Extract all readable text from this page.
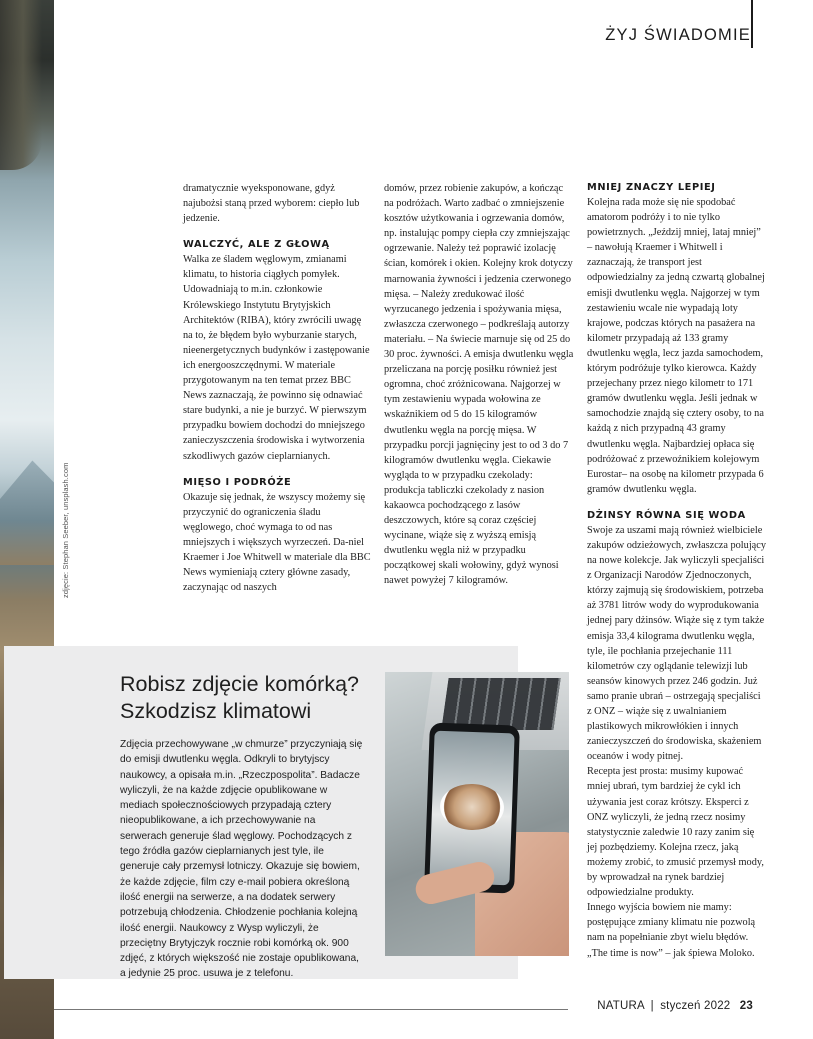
zdjęcie: Stephan Seeber, unsplash.com
ŻYJ ŚWIADOMIE

dramatycznie wyeksponowane, gdyż najubożsi staną przed wyborem: ciepło lub jedzenie.

WALCZYĆ, ALE Z GŁOWĄ

Walka ze śladem węglowym, zmianami klimatu, to historia ciągłych pomyłek. Udowadniają to m.in. członkowie Królewskiego Instytutu Brytyjskich Architektów (RIBA), który zwrócili uwagę na to, że błędem było wyburzanie starych, nieenergetycznych budynków i zastępowanie ich energooszczędnymi. W materiale przygotowanym na ten temat przez BBC News zaznaczają, że powinno się odnawiać stare budynki, a nie je burzyć. W pierwszym przypadku bowiem dochodzi do mniejszego zanieczyszczenia środowiska i wytworzenia szkodliwych gazów cieplarnianych.

MIĘSO I PODRÓŻE

Okazuje się jednak, że wszyscy możemy się przyczynić do ograniczenia śladu węglowego, choć wymaga to od nas mniejszych i większych wyrzeczeń. Da-niel Kraemer i Joe Whitwell w materiale dla BBC News wymieniają cztery główne zasady, zaczynając od naszych

domów, przez robienie zakupów, a kończąc na podróżach. Warto zadbać o zmniejszenie kosztów użytkowania i ogrzewania domów, np. instalując pompy ciepła czy zmniejszając ogrzewanie. Należy też poprawić izolację ścian, komórek i okien. Kolejny krok dotyczy marnowania żywności i jedzenia czerwonego mięsa. – Należy zredukować ilość wyrzucanego jedzenia i spożywania mięsa, zwłaszcza czerwonego – podkreślają autorzy materiału. – Na świecie marnuje się od 25 do 30 proc. żywności. A emisja dwutlenku węgla przeliczana na porcję posiłku również jest ogromna, choć zróżnicowana. Najgorzej w tym zestawieniu wypada wołowina ze wskaźnikiem od 5 do 15 kilogramów dwutlenku węgla na porcję mięsa. W przypadku porcji jagnięciny jest to od 3 do 7 kilogramów dwutlenku węgla. Ciekawie wygląda to w przypadku czekolady: produkcja tabliczki czekolady z nasion kakaowca pochodzącego z lasów deszczowych, które są coraz częściej wycinane, wiąże się z wyższą emisją dwutlenku węgla niż w przypadku początkowej skali wołowiny, gdyż wynosi nawet powyżej 7 kilogramów.

MNIEJ ZNACZY LEPIEJ

Kolejna rada może się nie spodobać amatorom podróży i to nie tylko powietrznych. „Jeździj mniej, lataj mniej” – nawołują Kraemer i Whitwell i zaznaczają, że transport jest odpowiedzialny za jedną czwartą globalnej emisji dwutlenku węgla. Najgorzej w tym zestawieniu wcale nie wypadają loty krajowe, podczas których na pasażera na kilometr przypadają aż 133 gramy dwutlenku węgla, lecz jazda samochodem, którym podróżuje tylko kierowca. Każdy przejechany przez niego kilometr to 171 gramów dwutlenku węgla. Jeśli jednak w samochodzie znajdą się cztery osoby, to na każdą z nich przypadną 43 gramy dwutlenku węgla. Najbardziej opłaca się podróżować z przewoźnikiem kolejowym Eurostar– na osobę na kilometr przypada 6 gramów dwutlenku węgla.

DŻINSY RÓWNA SIĘ WODA

Swoje za uszami mają również wielbiciele zakupów odzieżowych, zwłaszcza polujący na nowe kolekcje. Jak wyliczyli specjaliści z Organizacji Narodów Zjednoczonych, którzy zajmują się środowiskiem, potrzeba aż 3781 litrów wody do wyprodukowania jednej pary dżinsów. Wiąże się z tym także emisja 33,4 kilograma dwutlenku węgla, tyle, ile pochłania przejechanie 111 kilometrów czy oglądanie telewizji lub seansów kinowych przez 246 godzin. Już samo pranie ubrań – ostrzegają specjaliści z ONZ – wiąże się z uwalnianiem plastikowych mikrowłókien i innych zanieczyszczeń do środowiska, skażeniem oceanów i wody pitnej.

Recepta jest prosta: musimy kupować mniej ubrań, tym bardziej że cykl ich używania jest coraz krótszy. Eksperci z ONZ wyliczyli, że jedną rzecz nosimy statystycznie zaledwie 10 razy zanim się jej pozbędziemy. Kolejna rzecz, jaką możemy zrobić, to zmusić przemysł mody, by wprowadzał na rynek bardziej odpowiedzialne produkty.

Innego wyjścia bowiem nie mamy: postępujące zmiany klimatu nie pozwolą nam na popełnianie zbyt wielu błędów. „The time is now” – jak śpiewa Moloko.

Robisz zdjęcie komórką?
Szkodzisz klimatowi
Zdjęcia przechowywane „w chmurze” przyczyniają się do emisji dwutlenku węgla. Odkryli to brytyjscy naukowcy, a opisała m.in. „Rzeczpospolita”. Badacze wyliczyli, że na każde zdjęcie opublikowane w mediach społecznościowych przypadają cztery nieopublikowane, a ich przechowywanie na serwerach generuje ślad węglowy. Pochodzących z tego źródła gazów cieplarnianych jest tyle, ile generuje cały przemysł lotniczy. Okazuje się bowiem, że każde zdjęcie, film czy e-mail pobiera określoną ilość energii na serwerze, a na dodatek serwery potrzebują chłodzenia. Chłodzenie pochłania kolejną ilość energii. Naukowcy z Wysp wyliczyli, że przeciętny Brytyjczyk rocznie robi komórką ok. 900 zdjęć, z których większość nie zostaje opublikowana, a jedynie 25 proc. usuwa je z telefonu.
NATURA | styczeń 2022 23
